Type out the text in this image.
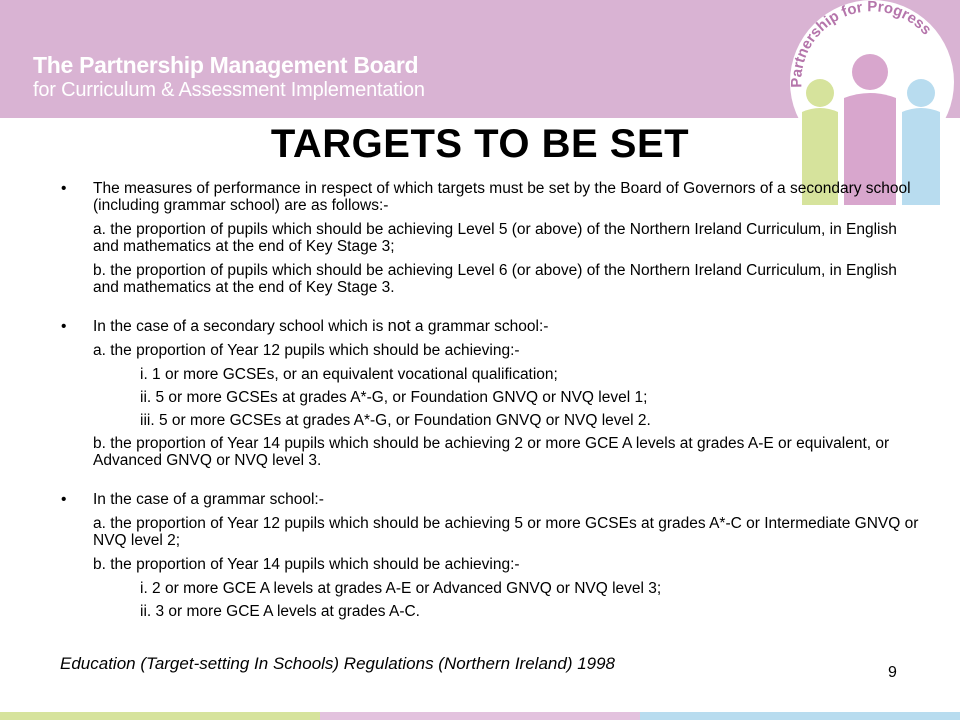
The Partnership Management Board
for Curriculum & Assessment Implementation	Partnership for Progress
TARGETS TO BE SET
• The measures of performance in respect of which targets must be set by the Board of Governors of a secondary school (including grammar school) are as follows:-
a. the proportion of pupils which should be achieving Level 5 (or above) of the Northern Ireland Curriculum, in English and mathematics at the end of Key Stage 3;
b. the proportion of pupils which should be achieving Level 6 (or above) of the Northern Ireland Curriculum, in English and mathematics at the end of Key Stage 3.
• In the case of a secondary school which is not a grammar school:-
a. the proportion of Year 12 pupils which should be achieving:-
i. 1 or more GCSEs, or an equivalent vocational qualification;
ii. 5 or more GCSEs at grades A*-G, or Foundation GNVQ or NVQ level 1;
iii. 5 or more GCSEs at grades A*-G, or Foundation GNVQ or NVQ level 2.
b. the proportion of Year 14 pupils which should be achieving 2 or more GCE A levels at grades A-E or equivalent, or Advanced GNVQ or NVQ level 3.
• In the case of a grammar school:-
a. the proportion of Year 12 pupils which should be achieving 5 or more GCSEs at grades A*-C or Intermediate GNVQ or NVQ level 2;
b. the proportion of Year 14 pupils which should be achieving:-
i. 2 or more GCE A levels at grades A-E or Advanced GNVQ or NVQ level 3;
ii. 3 or more GCE A levels at grades A-C.
Education (Target-setting In Schools) Regulations (Northern Ireland) 1998	9
